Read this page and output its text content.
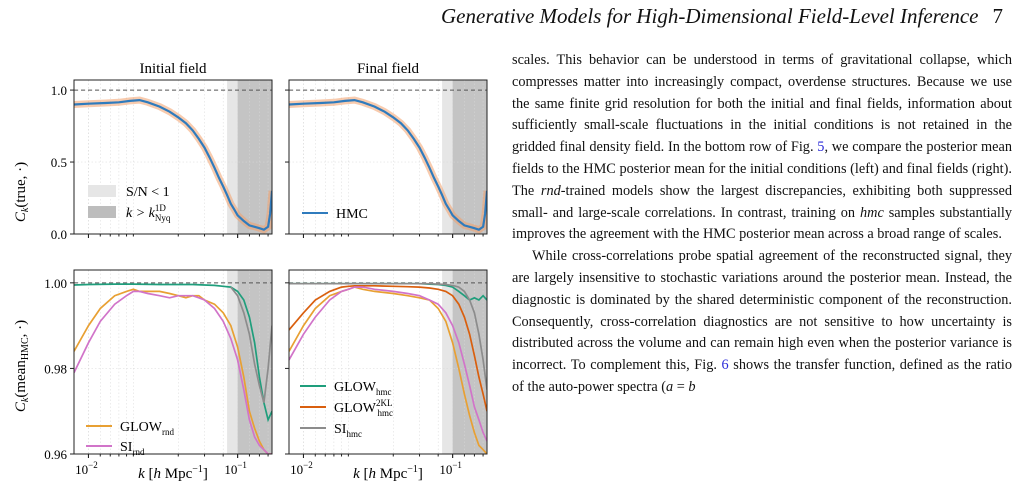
Generative Models for High-Dimensional Field-Level Inference 7
Initial field	Final field
$C_k(true$, ·)
$C_k(mean_{HMC}$, ·)
0.0
0.5
1.0
0.96
0.98
1.00
$10^{-2}$	$10^{-1}$	$10^{-2}$	$10^{-1}$
S/N < 1
$k > k^{1D}$ Nyq	HMC
$GLOW_{rnd}$
$SI_{rnd}$
$GLOW_{hmc}$
$GLOW^{2KL}$ hmc
$SI_{hmc}$
k [h Mpc$^{-1}$]	k [h Mpc$^{-1}$]

scales. This behavior can be understood in terms of gravitational collapse, which compresses matter into increasingly compact, overdense structures. Because we use the same finite grid resolution for both the initial and final fields, information about sufficiently small-scale fluctuations in the initial conditions is not retained in the gridded final density field. In the bottom row of Fig. 5, we compare the posterior mean fields to the HMC posterior mean for the initial conditions (left) and final fields (right). The rnd-trained models show the largest discrepancies, exhibiting both suppressed small- and large-scale correlations. In contrast, training on hmc samples substantially improves the agreement with the HMC posterior mean across a broad range of scales.

While cross-correlations probe spatial agreement of the reconstructed signal, they are largely insensitive to stochastic variations around the posterior mean. Instead, the diagnostic is dominated by the shared deterministic component of the reconstruction. Consequently, cross-correlation diagnostics are not sensitive to how uncertainty is distributed across the volume and can remain high even when the posterior variance is incorrect. To complement this, Fig. 6 shows the transfer function, defined as the ratio of the auto-power spectra (a = b
